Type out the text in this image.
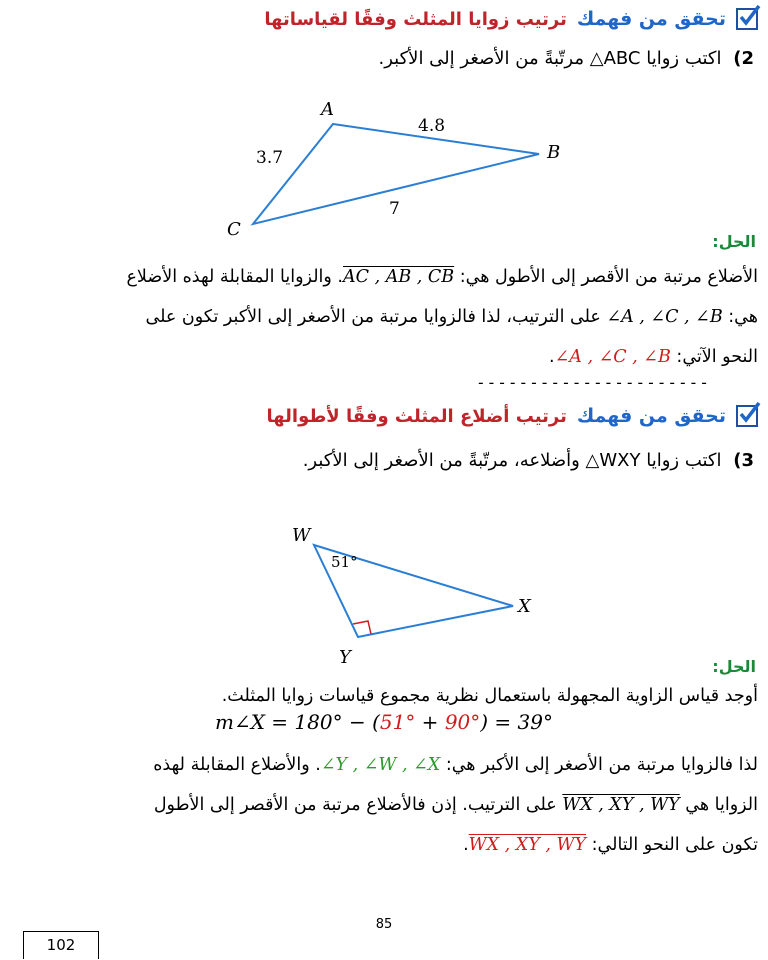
تحقق من فهمك
ترتيب زوايا المثلث وفقًا لقياساتها
2) اكتب زوايا ABC△ مرتّبةً من الأصغر إلى الأكبر.
A
B
C
4.8
3.7
7
الحل:
الأضلاع مرتبة من الأقصر إلى الأطول هي: AC , AB , CB. والزوايا المقابلة لهذه الأضلاع
هي: ∠A , ∠C , ∠B على الترتيب، لذا فالزوايا مرتبة من الأصغر إلى الأكبر تكون على
النحو الآتي: ∠A , ∠C , ∠B.
----------------------
تحقق من فهمك
ترتيب أضلاع المثلث وفقًا لأطوالها
3) اكتب زوايا WXY△ وأضلاعه، مرتّبةً من الأصغر إلى الأكبر.
W
X
Y
51°
الحل:
أوجد قياس الزاوية المجهولة باستعمال نظرية مجموع قياسات زوايا المثلث.
m∠X = 180° − (51° + 90°) = 39°
لذا فالزوايا مرتبة من الأصغر إلى الأكبر هي: ∠Y , ∠W , ∠X. والأضلاع المقابلة لهذه
الزوايا هي WX , XY , WY على الترتيب. إذن فالأضلاع مرتبة من الأقصر إلى الأطول
تكون على النحو التالي: WX , XY , WY.
85
102
